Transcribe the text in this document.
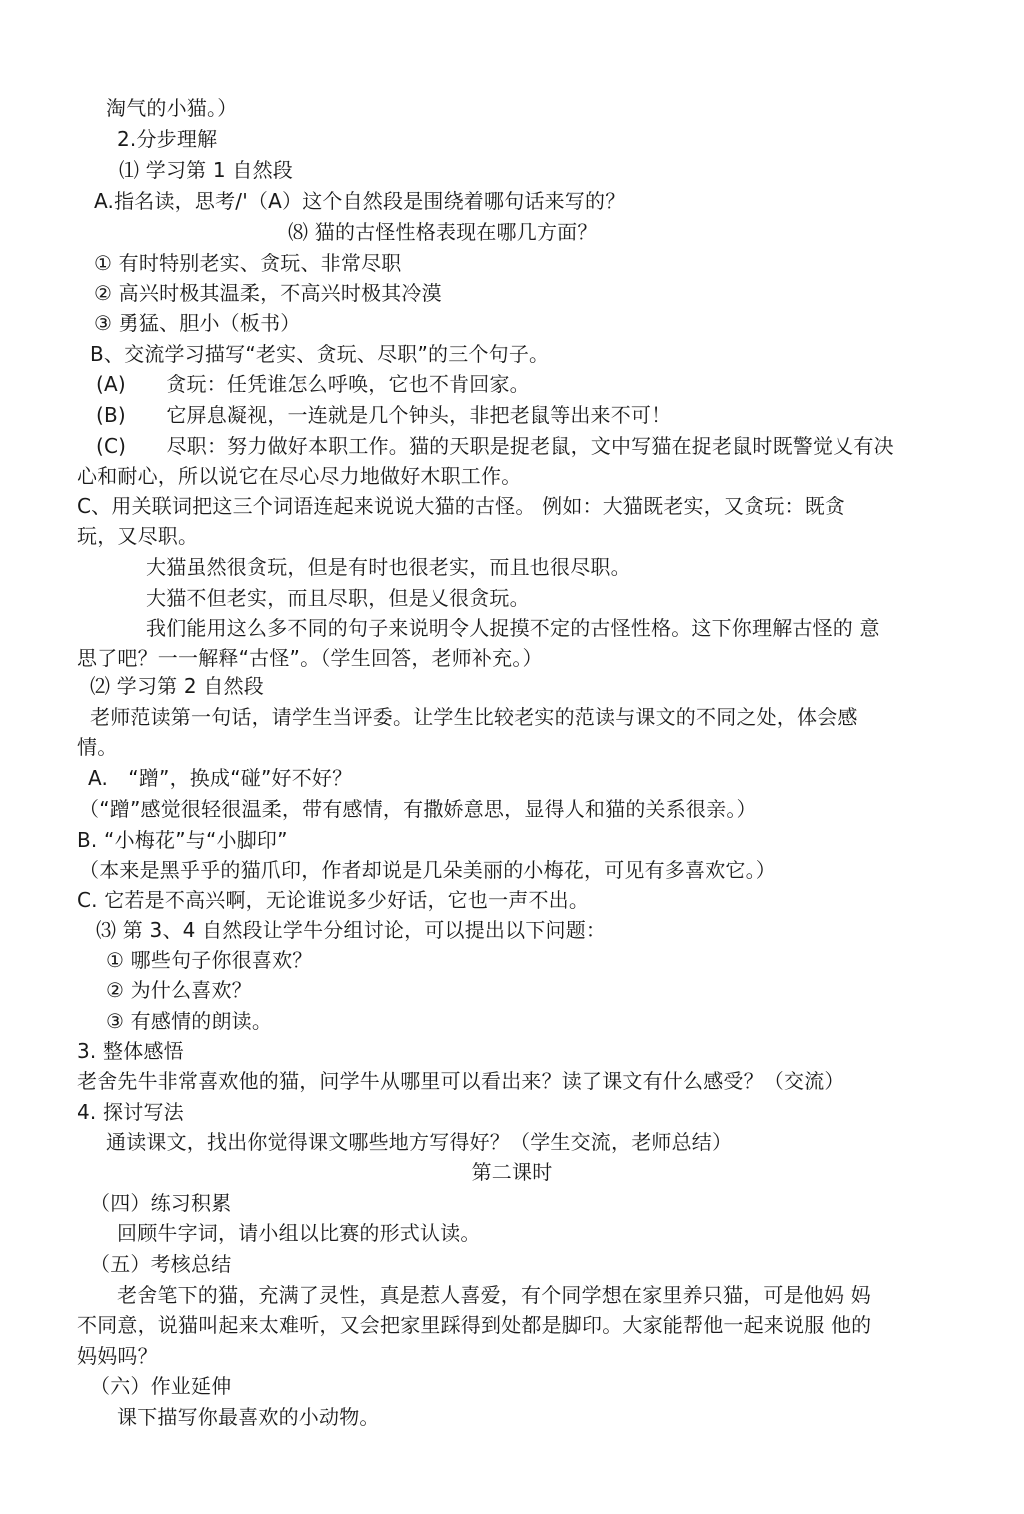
淘气的小猫。）
2.分步理解
⑴ 学习第 1 自然段
A.指名读，思考/'（A）这个自然段是围绕着哪句话来写的？
⑻ 猫的古怪性格表现在哪几方面？
① 有时特别老实、贪玩、非常尽职
② 高兴时极其温柔，不高兴时极其冷漠
③ 勇猛、胆小（板书）
B、交流学习描写“老实、贪玩、尽职”的三个句子。
(A)　　贪玩：任凭谁怎么呼唤，它也不肯回家。
(B)　　它屏息凝视，一连就是几个钟头，非把老鼠等出来不可！
(C)　　尽职：努力做好本职工作。猫的天职是捉老鼠，文中写猫在捉老鼠时既警觉乂有决
心和耐心，所以说它在尽心尽力地做好木职工作。
C、用关联词把这三个词语连起来说说大猫的古怪。 例如：大猫既老实，又贪玩：既贪
玩，又尽职。
大猫虽然很贪玩，但是有时也很老实，而且也很尽职。
大猫不但老实，而且尽职，但是乂很贪玩。
我们能用这么多不同的句子来说明令人捉摸不定的古怪性格。这下你理解古怪的 意
思了吧？一一解释“古怪”。（学生回答，老师补充。）
⑵ 学习第 2 自然段
老师范读第一句话，请学生当评委。让学生比较老实的范读与课文的不同之处，体会感
情。
A.　“蹭”，换成“碰”好不好？
（“蹭”感觉很轻很温柔，带有感情，有撒娇意思，显得人和猫的关系很亲。）
B. “小梅花”与“小脚印”
（本来是黑乎乎的猫爪印，作者却说是几朵美丽的小梅花，可见有多喜欢它。）
C. 它若是不高兴啊，无论谁说多少好话，它也一声不出。
⑶ 第 3、4 自然段让学牛分组讨论，可以提出以下问题：
① 哪些句子你很喜欢？
② 为什么喜欢？
③ 有感情的朗读。
3. 整体感悟
老舍先牛非常喜欢他的猫，问学牛从哪里可以看岀来？读了课文有什么感受？（交流）
4. 探讨写法
通读课文，找出你觉得课文哪些地方写得好？（学生交流，老师总结）
第二课时
（四）练习积累
回顾牛字词，请小组以比赛的形式认读。
（五）考核总结
老舍笔下的猫，充满了灵性，真是惹人喜爱，有个同学想在家里养只猫，可是他妈 妈
不同意，说猫叫起来太难听，又会把家里踩得到处都是脚印。大家能帮他一起来说服 他的
妈妈吗？
（六）作业延伸
课下描写你最喜欢的小动物。
